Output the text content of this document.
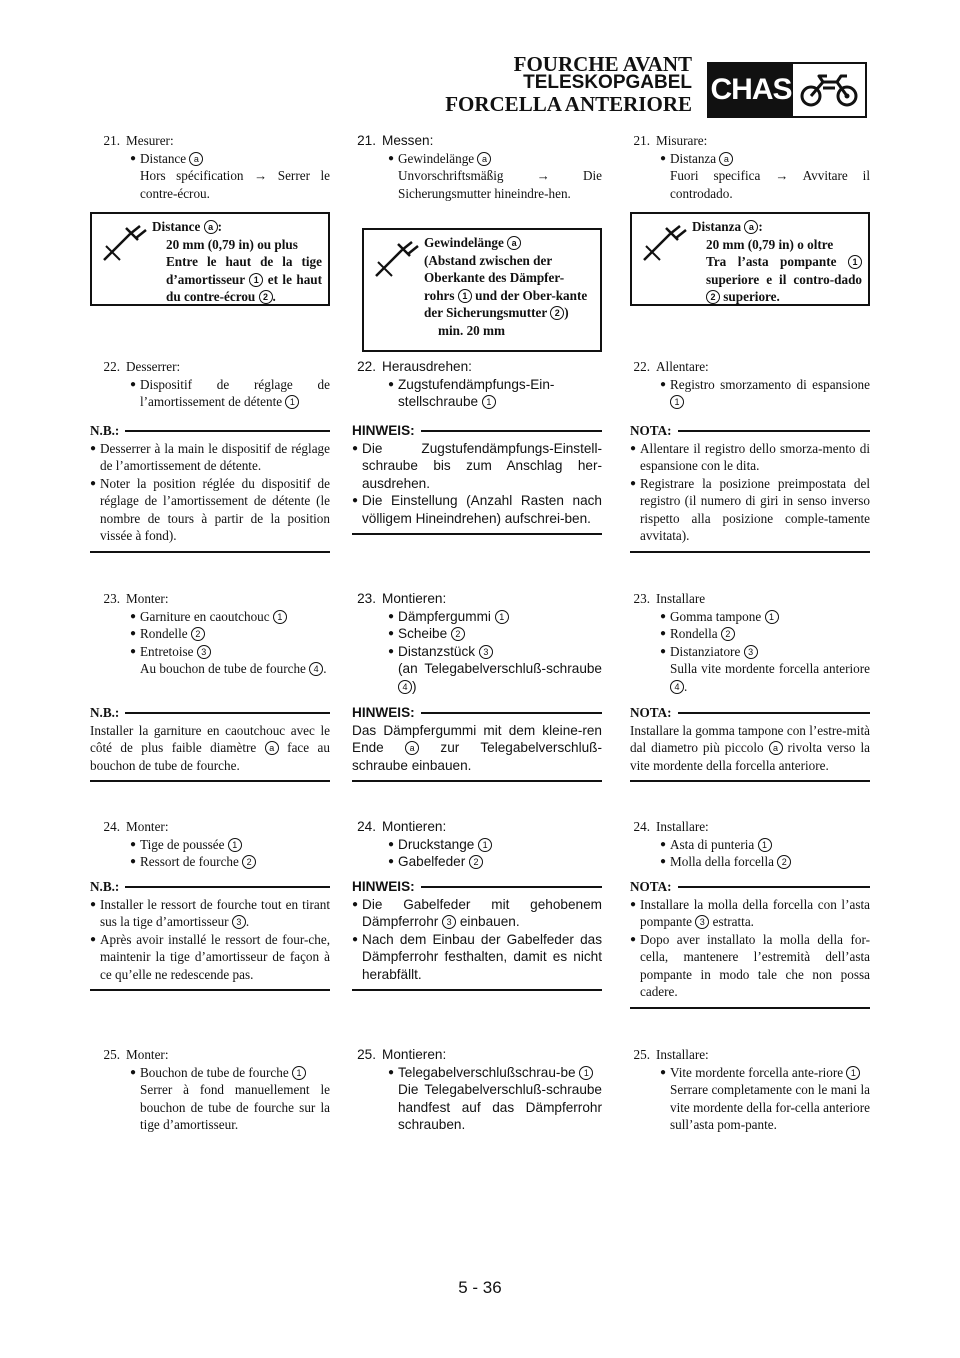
FOURCHE AVANT
TELESKOPGABEL
FORCELLA ANTERIORE CHAS
21. Mesurer:
● Distance a
Hors spécification → Serrer le contre-écrou.
Distance a :
20 mm (0,79 in) ou plus
Entre le haut de la tige d’amortisseur 1 et le haut du contre-écrou 2 .
22. Desserrer:
● Dispositif de réglage de l’amortissement de détente 1
N.B.:
● Desserrer à la main le dispositif de réglage de l’amortissement de détente.
● Noter la position réglée du dispositif de réglage de l’amortissement de détente (le nombre de tours à partir de la position vissée à fond).
23. Monter:
● Garniture en caoutchouc 1
● Rondelle 2
● Entretoise 3
Au bouchon de tube de fourche 4 .
N.B.:
Installer la garniture en caoutchouc avec le côté de plus faible diamètre a face au bouchon de tube de fourche.
24. Monter:
● Tige de poussée 1
● Ressort de fourche 2
N.B.:
● Installer le ressort de fourche tout en tirant sus la tige d’amortisseur 3 .
● Après avoir installé le ressort de four-che, maintenir la tige d’amortisseur de façon à ce qu’elle ne redescende pas.
25. Monter:
● Bouchon de tube de fourche 1
Serrer à fond manuellement le bouchon de tube de fourche sur la tige d’amortisseur.
21. Messen:
● Gewindelänge a
Unvorschriftsmäßig → Die Sicherungsmutter hineindre-hen.
Gewindelänge a
(Abstand zwischen der Oberkante des Dämpfer-rohrs 1 und der Ober-kante der Sicherungsmutter 2 )
min. 20 mm
22. Herausdrehen:
● Zugstufendämpfungs-Ein-stellschraube 1
HINWEIS:
● Die Zugstufendämpfungs-Einstell-schraube bis zum Anschlag her-ausdrehen.
● Die Einstellung (Anzahl Rasten nach völligem Hineindrehen) aufschrei-ben.
23. Montieren:
● Dämpfergummi 1
● Scheibe 2
● Distanzstück 3
(an Telegabelverschluß-schraube 4 )
HINWEIS:
Das Dämpfergummi mit dem kleine-ren Ende	a zur Telegabelverschluß-schraube einbauen.
24. Montieren:
● Druckstange 1
● Gabelfeder 2
HINWEIS:
● Die Gabelfeder mit gehobenem Dämpferrohr 3 einbauen.
● Nach dem Einbau der Gabelfeder das Dämpferrohr festhalten, damit es nicht herabfällt.
25. Montieren:
● Telegabelverschlußschrau-be 1
Die Telegabelverschluß-schraube handfest auf das Dämpferrohr schrauben.
21. Misurare:
● Distanza a
Fuori specifica → Avvitare il controdado.
Distanza a :
20 mm (0,79 in) o oltre
Tra l’asta pompante 1 superiore e il contro-dado 2 superiore.
22. Allentare:
● Registro smorzamento di espansione 1
NOTA:
● Allentare il registro dello smorza-mento di espansione con le dita.
● Registrare la posizione preimpostata del registro (il numero di giri in senso inverso rispetto alla posizione comple-tamente avvitata).
23. Installare
● Gomma tampone 1
● Rondella 2
● Distanziatore 3
Sulla vite mordente forcella anteriore 4 .
NOTA:
Installare la gomma tampone con l’estre-mità dal diametro più piccolo a rivolta verso la vite mordente della forcella anteriore.
24. Installare:
● Asta di punteria 1
● Molla della forcella 2
NOTA:
● Installare la molla della forcella con l’asta pompante 3 estratta.
● Dopo aver installato la molla della for-cella, mantenere l’estremità dell’asta pompante in modo tale che non possa cadere.
25. Installare:
● Vite mordente forcella ante-riore 1
Serrare completamente con le mani la vite mordente della for-cella anteriore sull’asta pom-pante.
5 - 36
